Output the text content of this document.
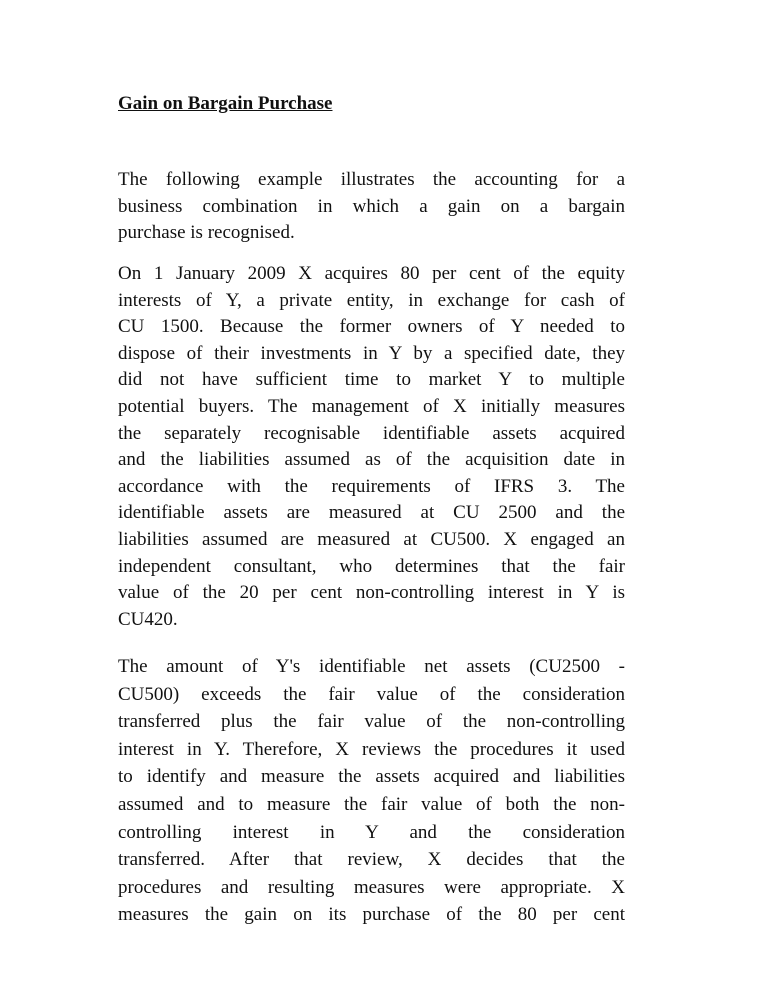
Gain on Bargain Purchase
The following example illustrates the accounting for a
business combination in which a gain on a bargain
purchase is recognised.
On 1 January 2009 X acquires 80 per cent of the equity
interests of Y, a private entity, in exchange for cash of
CU 1500. Because the former owners of Y needed to
dispose of their investments in Y by a specified date, they
did not have sufficient time to market Y to multiple
potential buyers. The management of X initially measures
the separately recognisable identifiable assets acquired
and the liabilities assumed as of the acquisition date in
accordance with the requirements of IFRS 3. The
identifiable assets are measured at CU 2500 and the
liabilities assumed are measured at CU500. X engaged an
independent consultant, who determines that the fair
value of the 20 per cent non-controlling interest in Y is
CU420.
The amount of Y's identifiable net assets (CU2500 -
CU500) exceeds the fair value of the consideration
transferred plus the fair value of the non-controlling
interest in Y. Therefore, X reviews the procedures it used
to identify and measure the assets acquired and liabilities
assumed and to measure the fair value of both the non-
controlling interest in Y and the consideration
transferred. After that review, X decides that the
procedures and resulting measures were appropriate. X
measures the gain on its purchase of the 80 per cent
